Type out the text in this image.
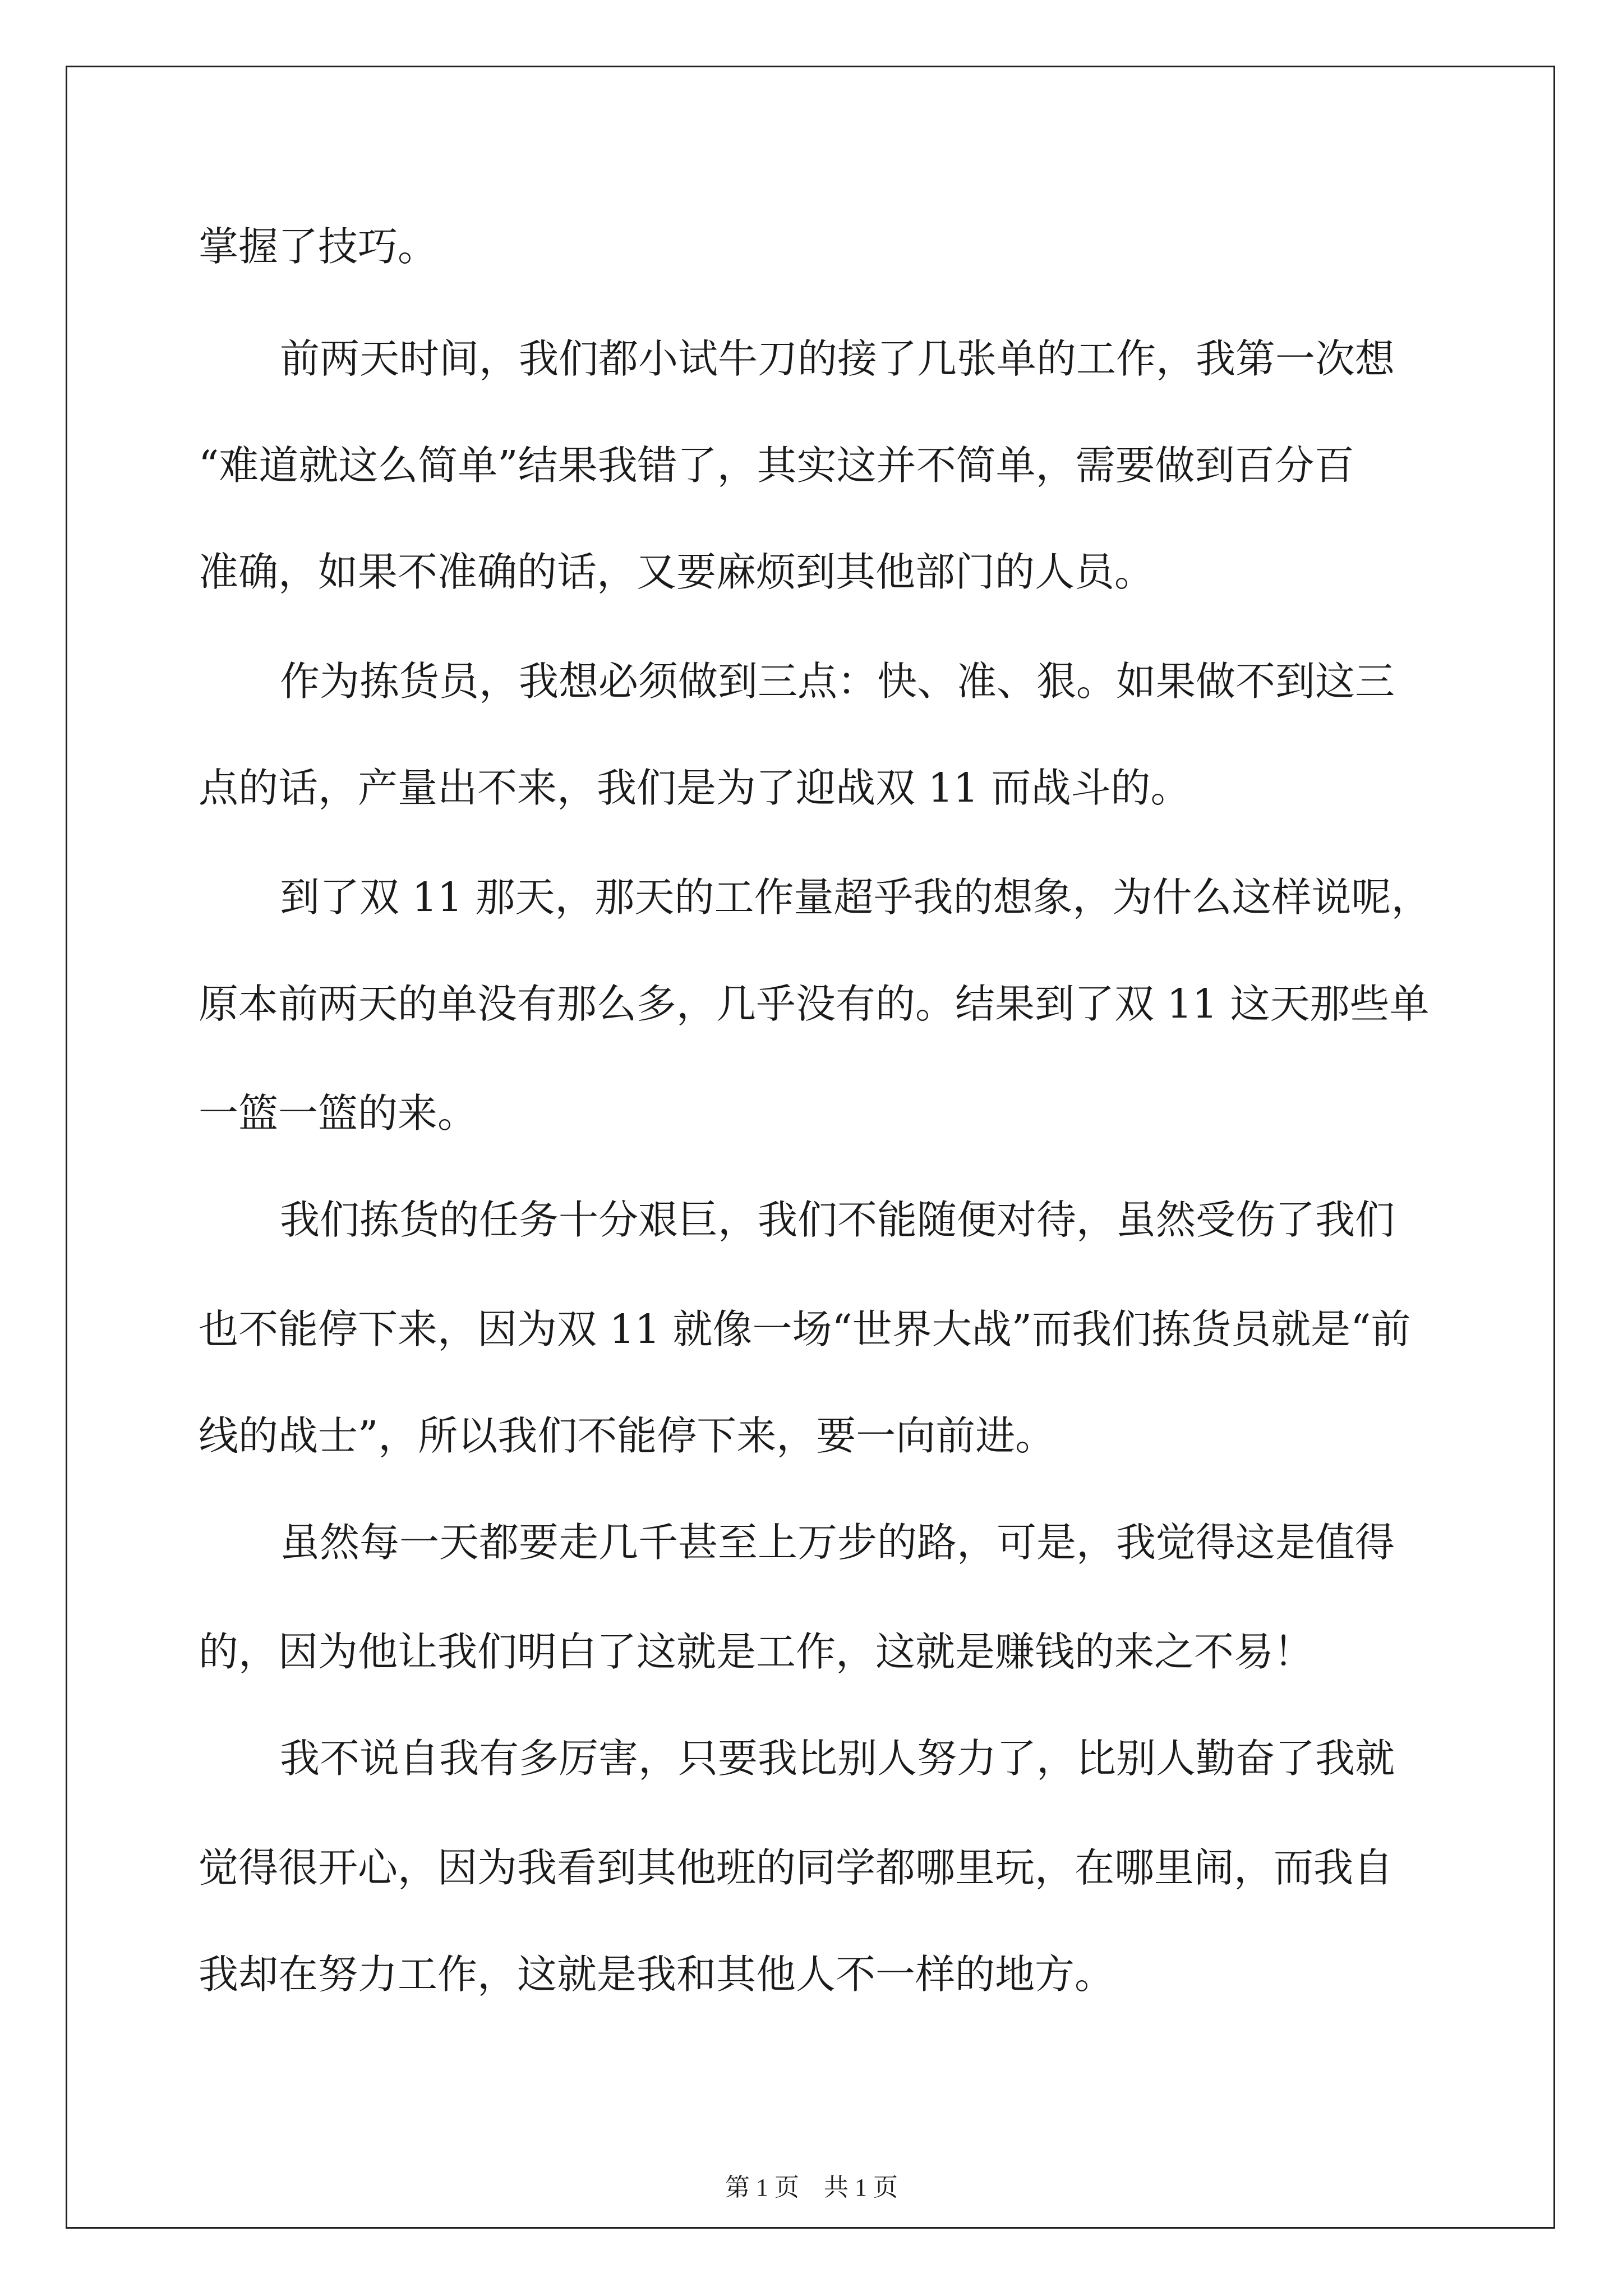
掌握了技巧。

前两天时间，我们都小试牛刀的接了几张单的工作，我第一次想

“难道就这么简单”结果我错了，其实这并不简单，需要做到百分百

准确，如果不准确的话，又要麻烦到其他部门的人员。

作为拣货员，我想必须做到三点：快、准、狠。如果做不到这三

点的话，产量出不来，我们是为了迎战双 11 而战斗的。

到了双 11 那天，那天的工作量超乎我的想象，为什么这样说呢，

原本前两天的单没有那么多，几乎没有的。结果到了双 11 这天那些单

一篮一篮的来。

我们拣货的任务十分艰巨，我们不能随便对待，虽然受伤了我们

也不能停下来，因为双 11 就像一场“世界大战”而我们拣货员就是“前

线的战士”，所以我们不能停下来，要一向前进。

虽然每一天都要走几千甚至上万步的路，可是，我觉得这是值得

的，因为他让我们明白了这就是工作，这就是赚钱的来之不易！

我不说自我有多厉害，只要我比别人努力了，比别人勤奋了我就

觉得很开心，因为我看到其他班的同学都哪里玩，在哪里闹，而我自

我却在努力工作，这就是我和其他人不一样的地方。

第 1 页　共 1 页
